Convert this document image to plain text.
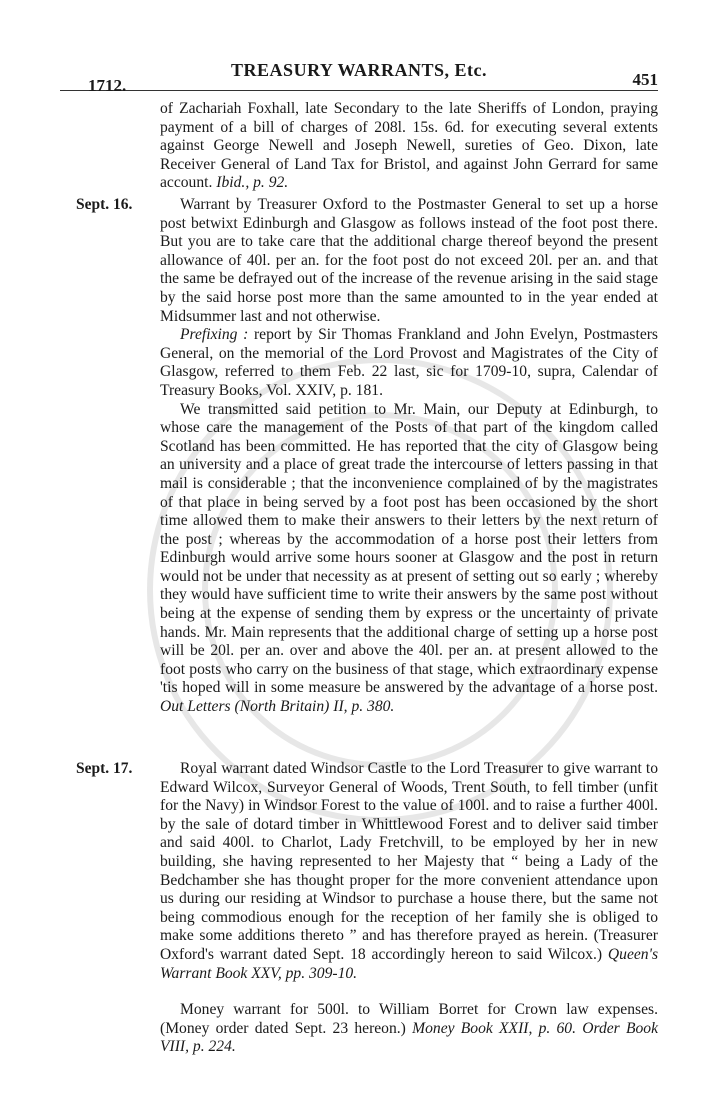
1712.
TREASURY WARRANTS, Etc.	451

of Zachariah Foxhall, late Secondary to the late Sheriffs of London, praying payment of a bill of charges of 208l. 15s. 6d. for executing several extents against George Newell and Joseph Newell, sureties of Geo. Dixon, late Receiver General of Land Tax for Bristol, and against John Gerrard for same account. Ibid., p. 92.

Sept. 16.	Warrant by Treasurer Oxford to the Postmaster General to set up a horse post betwixt Edinburgh and Glasgow as follows instead of the foot post there. But you are to take care that the additional charge thereof beyond the present allowance of 40l. per an. for the foot post do not exceed 20l. per an. and that the same be defrayed out of the increase of the revenue arising in the said stage by the said horse post more than the same amounted to in the year ended at Midsummer last and not otherwise.

Prefixing : report by Sir Thomas Frankland and John Evelyn, Postmasters General, on the memorial of the Lord Provost and Magistrates of the City of Glasgow, referred to them Feb. 22 last, sic for 1709-10, supra, Calendar of Treasury Books, Vol. XXIV, p. 181.

We transmitted said petition to Mr. Main, our Deputy at Edinburgh, to whose care the management of the Posts of that part of the kingdom called Scotland has been committed. He has reported that the city of Glasgow being an university and a place of great trade the intercourse of letters passing in that mail is considerable ; that the inconvenience complained of by the magistrates of that place in being served by a foot post has been occasioned by the short time allowed them to make their answers to their letters by the next return of the post ; whereas by the accommodation of a horse post their letters from Edinburgh would arrive some hours sooner at Glasgow and the post in return would not be under that necessity as at present of setting out so early ; whereby they would have sufficient time to write their answers by the same post without being at the expense of sending them by express or the uncertainty of private hands. Mr. Main represents that the additional charge of setting up a horse post will be 20l. per an. over and above the 40l. per an. at present allowed to the foot posts who carry on the business of that stage, which extraordinary expense 'tis hoped will in some measure be answered by the advantage of a horse post. Out Letters (North Britain) II, p. 380.

Sept. 17.	Royal warrant dated Windsor Castle to the Lord Treasurer to give warrant to Edward Wilcox, Surveyor General of Woods, Trent South, to fell timber (unfit for the Navy) in Windsor Forest to the value of 100l. and to raise a further 400l. by the sale of dotard timber in Whittlewood Forest and to deliver said timber and said 400l. to Charlot, Lady Fretchvill, to be employed by her in new building, she having represented to her Majesty that “ being a Lady of the Bedchamber she has thought proper for the more convenient attendance upon us during our residing at Windsor to purchase a house there, but the same not being commodious enough for the reception of her family she is obliged to make some additions thereto ” and has therefore prayed as herein. (Treasurer Oxford's warrant dated Sept. 18 accordingly hereon to said Wilcox.) Queen's Warrant Book XXV, pp. 309-10.

Money warrant for 500l. to William Borret for Crown law expenses. (Money order dated Sept. 23 hereon.) Money Book XXII, p. 60. Order Book VIII, p. 224.
